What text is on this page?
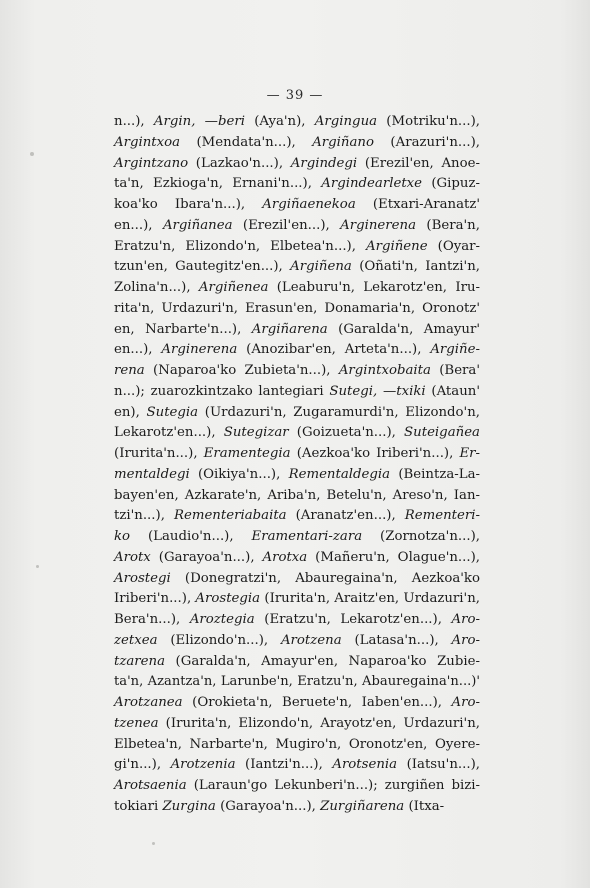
— 39 —
n...), Argin, —beri (Aya'n), Argingua (Motriku'n...),
Argintxoa (Mendata'n...), Argiñano (Arazuri'n...),
Argintzano (Lazkao'n...), Argindegi (Erezil'en, Anoe-
ta'n, Ezkioga'n, Ernani'n...), Argindearletxe (Gipuz-
koa'ko Ibara'n...), Argiñaenekoa (Etxari-Aranatz'
en...), Argiñanea (Erezil'en...), Arginerena (Bera'n,
Eratzu'n, Elizondo'n, Elbetea'n...), Argiñene (Oyar-
tzun'en, Gautegitz'en...), Argiñena (Oñati'n, Iantzi'n,
Zolina'n...), Argiñenea (Leaburu'n, Lekarotz'en, Iru-
rita'n, Urdazuri'n, Erasun'en, Donamaria'n, Oronotz'
en, Narbarte'n...), Argiñarena (Garalda'n, Amayur'
en...), Arginerena (Anozibar'en, Arteta'n...), Argiñe-
rena (Naparoa'ko Zubieta'n...), Argintxobaita (Bera'
n...); zuarozkintzako lantegiari Sutegi, —txiki (Ataun'
en), Sutegia (Urdazuri'n, Zugaramurdi'n, Elizondo'n,
Lekarotz'en...), Sutegizar (Goizueta'n...), Suteigañea
(Irurita'n...), Eramentegia (Aezkoa'ko Iriberi'n...), Er-
mentaldegi (Oikiya'n...), Rementaldegia (Beintza-La-
bayen'en, Azkarate'n, Ariba'n, Betelu'n, Areso'n, Ian-
tzi'n...), Rementeriabaita (Aranatz'en...), Rementeri-
ko (Laudio'n...), Eramentari-zara (Zornotza'n...),
Arotx (Garayoa'n...), Arotxa (Mañeru'n, Olague'n...),
Arostegi (Donegratzi'n, Abauregaina'n, Aezkoa'ko
Iriberi'n...), Arostegia (Irurita'n, Araitz'en, Urdazuri'n,
Bera'n...), Aroztegia (Eratzu'n, Lekarotz'en...), Aro-
zetxea (Elizondo'n...), Arotzena (Latasa'n...), Aro-
tzarena (Garalda'n, Amayur'en, Naparoa'ko Zubie-
ta'n, Azantza'n, Larunbe'n, Eratzu'n, Abauregaina'n...)'
Arotzanea (Orokieta'n, Beruete'n, Iaben'en...), Aro-
tzenea (Irurita'n, Elizondo'n, Arayotz'en, Urdazuri'n,
Elbetea'n, Narbarte'n, Mugiro'n, Oronotz'en, Oyere-
gi'n...), Arotzenia (Iantzi'n...), Arotsenia (Iatsu'n...),
Arotsaenia (Laraun'go Lekunberi'n...); zurgiñen bizi-
tokiari Zurgina (Garayoa'n...), Zurgiñarena (Itxa-
